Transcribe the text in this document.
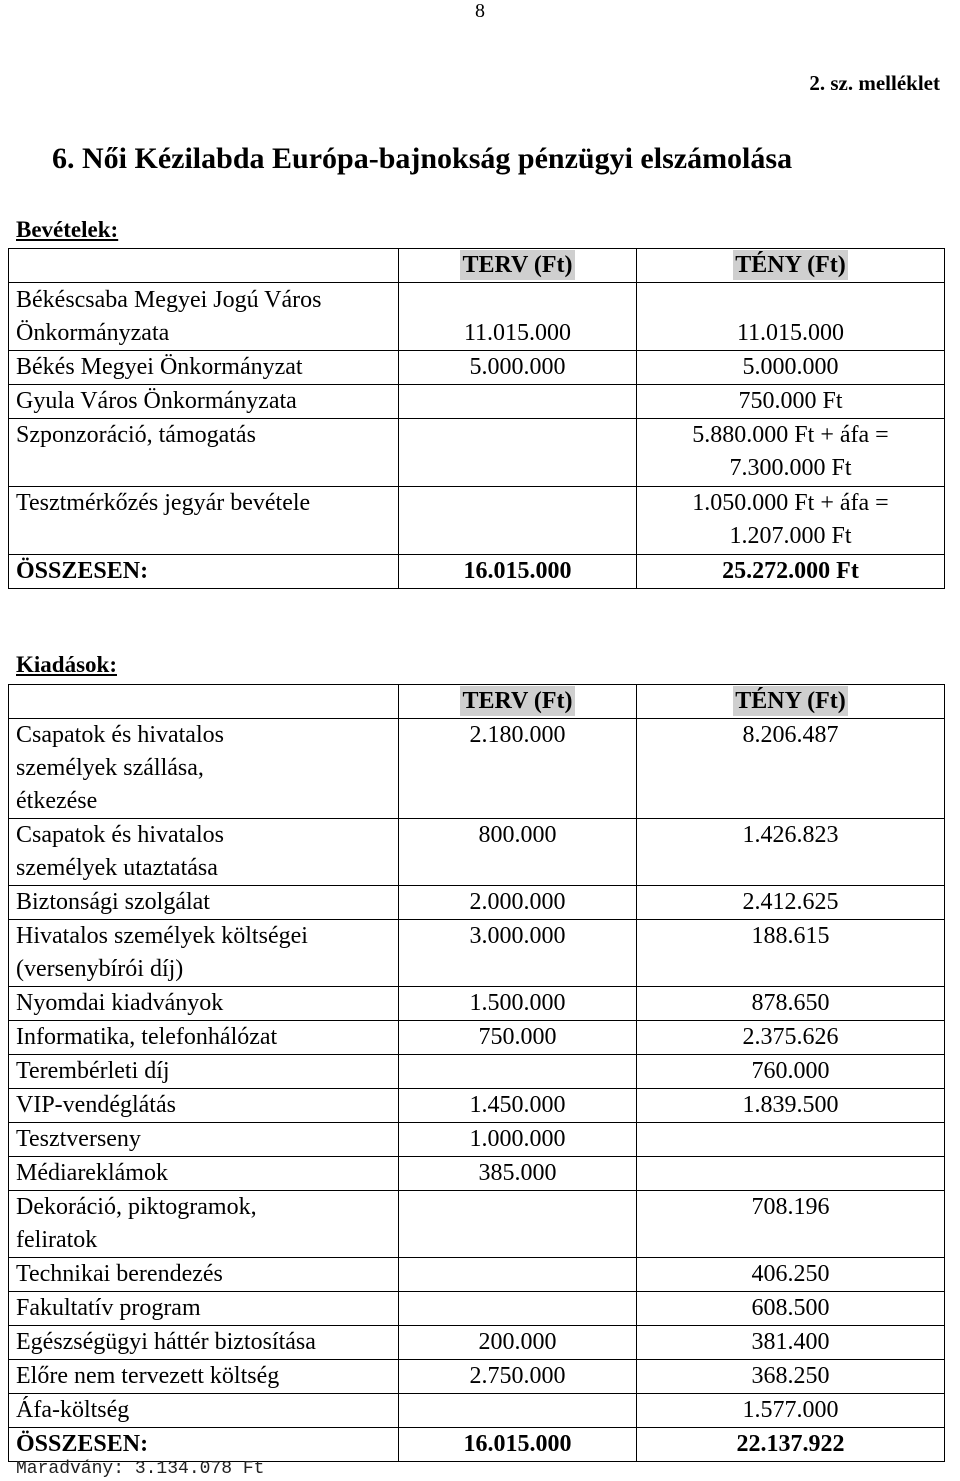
8
2. sz. melléklet
6. Női Kézilabda Európa-bajnokság pénzügyi elszámolása
Bevételek:
	TERV (Ft)	TÉNY (Ft)
Békéscsaba Megyei Jogú Város Önkormányzata	11.015.000	11.015.000
Békés Megyei Önkormányzat	5.000.000	5.000.000
Gyula Város Önkormányzata		750.000 Ft
Szponzoráció, támogatás		5.880.000 Ft + áfa = 7.300.000 Ft
Tesztmérkőzés jegyár bevétele		1.050.000 Ft + áfa = 1.207.000 Ft
ÖSSZESEN:	16.015.000	25.272.000 Ft
Kiadások:
	TERV (Ft)	TÉNY (Ft)
Csapatok és hivatalos személyek szállása, étkezése	2.180.000	8.206.487
Csapatok és hivatalos személyek utaztatása	800.000	1.426.823
Biztonsági szolgálat	2.000.000	2.412.625
Hivatalos személyek költségei (versenybírói díj)	3.000.000	188.615
Nyomdai kiadványok	1.500.000	878.650
Informatika, telefonhálózat	750.000	2.375.626
Terembérleti díj		760.000
VIP-vendéglátás	1.450.000	1.839.500
Tesztverseny	1.000.000	
Médiareklámok	385.000	
Dekoráció, piktogramok, feliratok		708.196
Technikai berendezés		406.250
Fakultatív program		608.500
Egészségügyi háttér biztosítása	200.000	381.400
Előre nem tervezett költség	2.750.000	368.250
Áfa-költség		1.577.000
ÖSSZESEN:	16.015.000	22.137.922
Maradvány: 3.134.078 Ft
